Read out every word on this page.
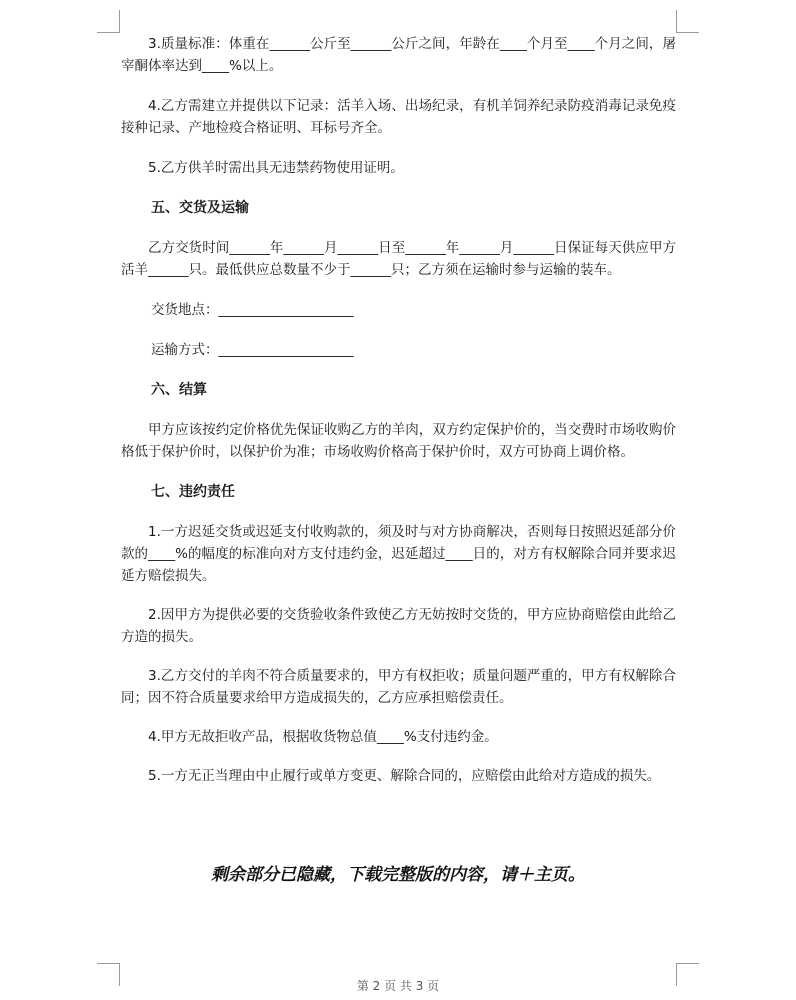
3.质量标准：体重在______公斤至______公斤之间，年龄在____个月至____个月之间，屠宰酮体率达到____%以上。

4.乙方需建立并提供以下记录：活羊入场、出场纪录，有机羊饲养纪录防疫消毒记录免疫接种记录、产地检疫合格证明、耳标号齐全。

5.乙方供羊时需出具无违禁药物使用证明。

五、交货及运输

乙方交货时间______年______月______日至______年______月______日保证每天供应甲方活羊______只。最低供应总数量不少于______只；乙方须在运输时参与运输的装车。

交货地点：____________________

运输方式：____________________

六、结算

甲方应该按约定价格优先保证收购乙方的羊肉，双方约定保护价的，当交费时市场收购价格低于保护价时，以保护价为准；市场收购价格高于保护价时，双方可协商上调价格。

七、违约责任

1.一方迟延交货或迟延支付收购款的，须及时与对方协商解决，否则每日按照迟延部分价款的____%的幅度的标准向对方支付违约金，迟延超过____日的，对方有权解除合同并要求迟延方赔偿损失。

2.因甲方为提供必要的交货验收条件致使乙方无妨按时交货的，甲方应协商赔偿由此给乙方造的损失。

3.乙方交付的羊肉不符合质量要求的，甲方有权拒收；质量问题严重的，甲方有权解除合同；因不符合质量要求给甲方造成损失的，乙方应承担赔偿责任。

4.甲方无故拒收产品，根据收货物总值____%支付违约金。

5.一方无正当理由中止履行或单方变更、解除合同的，应赔偿由此给对方造成的损失。

剩余部分已隐藏，下载完整版的内容，请＋主页。
第 2 页 共 3 页
